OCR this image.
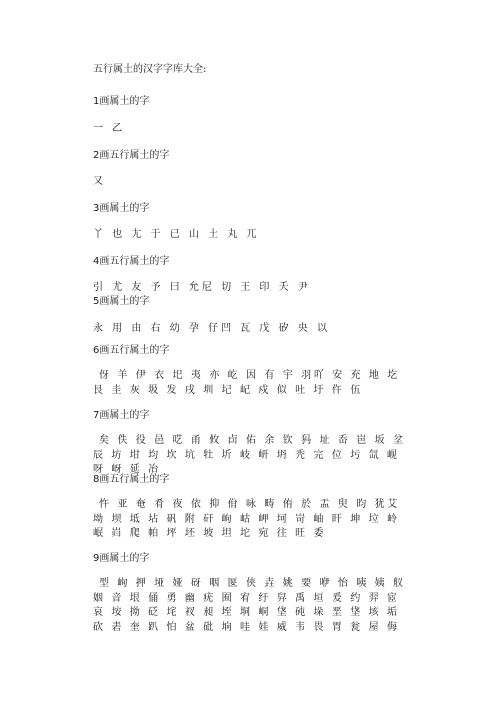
五行属土的汉字字库大全:
1画属土的字
一 乙
2画五行属土的字
又
3画属土的字
丫 也 尢 于 已 山 土 丸 兀
4画五行属土的字
引 尤 友 予 曰 允尼 切 王 印 夭 尹
5画属土的字
永 用 由 右 幼 孕 仔凹 瓦 戊 矽 央 以
6画五行属土的字
伢 羊 伊 衣 圯 夷 亦 屹 因 有 宇 羽吖 安 充 地 圪 艮 圭 灰 圾 发 戌 圳 圮 屺 戍 似 吐 圩 仵 伍
7画属土的字
矣 佚 役 邑 呓 甬 攸 卣 佑 余 钦 犸 址 岙 岜 坂 坌 辰 坊 坩 均 坎 坑 牡 圻 岐 岍 坍 秃 完 位 圬 氙 岘 呀 岈 延 冶
8画五行属土的字
忤 亚 奄 肴 夜 依 抑 佾 咏 畴 侑 於 盂 臾 昀 犹艾 坳 坝 坻 坫 矾 附 矸 岣 岵 岬 坷 岢 岫 盰 坤 垃 岭 岷 岿 爬 帕 坪 坯 坡 坦 坨 宛 往 旺 委
9画属土的字
型 峋 押 垭 娅 砑 咽 匽 侠 垚 姚 要 咿 怡 咦 姨 舣 姻 音 垠 俑 勇 幽 疣 囿 宥 纡 舁 禹 垣 爰 约 羿 宧 哀 垵 拗 砭 垞 衩 昶 垤 垌 峒 垡 砘 垛 垩 垡 垓 垢 砍 砉 奎 趴 怕 盆 砒 垧 哇 娃 威 韦 畏 胃 瓮 屋 侮
